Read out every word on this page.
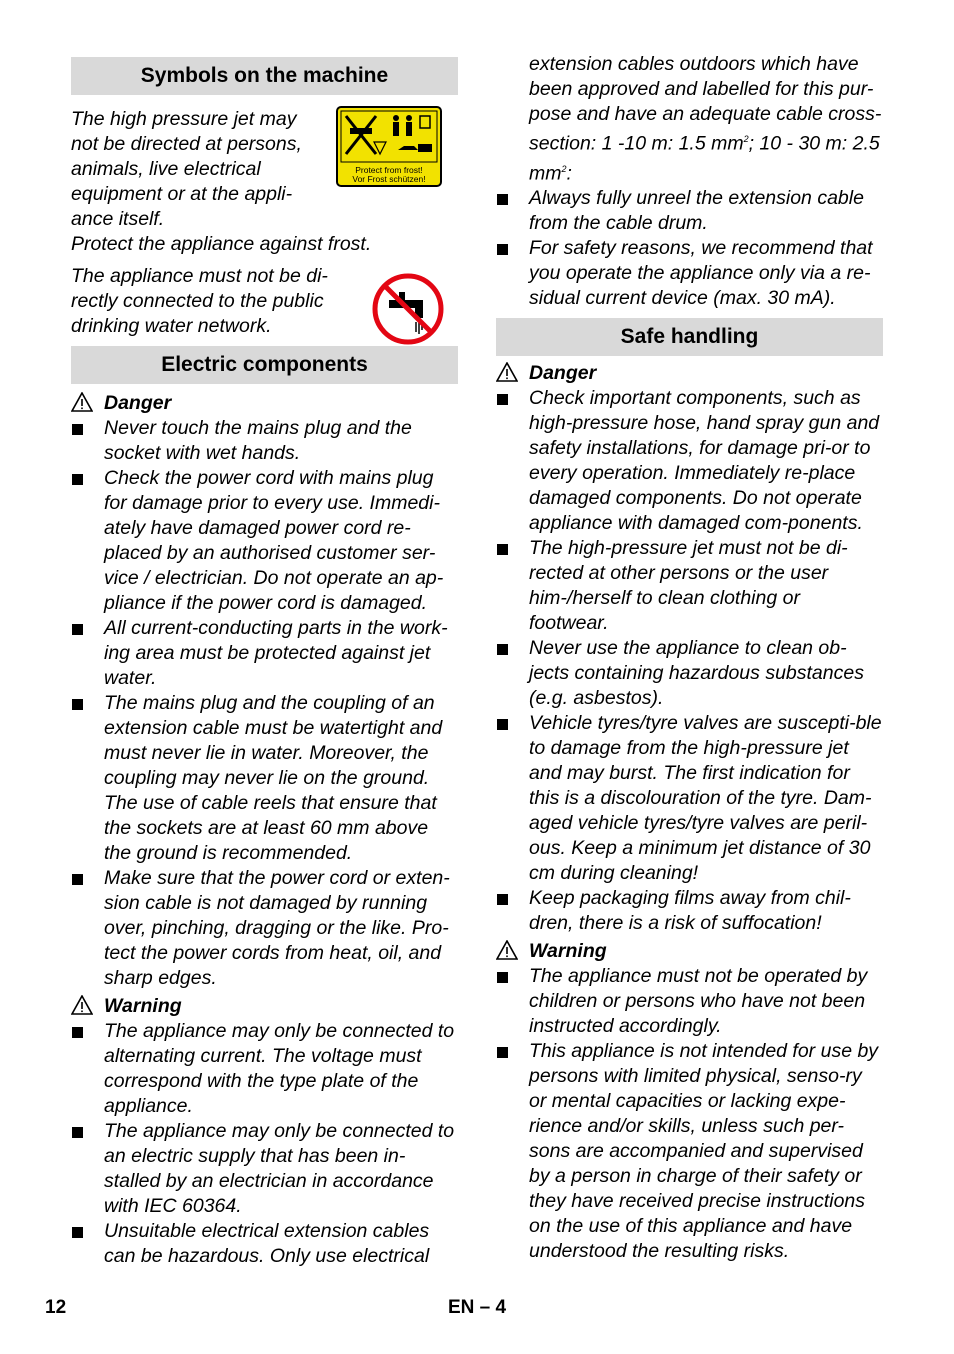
Symbols on the machine

The high pressure jet may not be directed at persons, animals, live electrical equipment or at the appli-ance itself.

Protect from frost!
Vor Frost schützen!

Protect the appliance against frost.

The appliance must not be di-rectly connected to the public drinking water network.

Electric components
Danger
Never touch the mains plug and the socket with wet hands.
Check the power cord with mains plug for damage prior to every use. Immedi-ately have damaged power cord re-placed by an authorised customer ser-vice / electrician. Do not operate an ap-pliance if the power cord is damaged.
All current-conducting parts in the work-ing area must be protected against jet water.
The mains plug and the coupling of an extension cable must be watertight and must never lie in water. Moreover, the coupling may never lie on the ground. The use of cable reels that ensure that the sockets are at least 60 mm above the ground is recommended.
Make sure that the power cord or exten-sion cable is not damaged by running over, pinching, dragging or the like. Pro-tect the power cords from heat, oil, and sharp edges.
Warning
The appliance may only be connected to alternating current. The voltage must correspond with the type plate of the appliance.
The appliance may only be connected to an electric supply that has been in-stalled by an electrician in accordance with IEC 60364.
Unsuitable electrical extension cables can be hazardous. Only use electrical

extension cables outdoors which have been approved and labelled for this pur-pose and have an adequate cable cross-section: 1 -10 m: 1.5 $mm^2$; 10 - 30 m: 2.5 $mm^2$:

Always fully unreel the extension cable from the cable drum.
For safety reasons, we recommend that you operate the appliance only via a re-sidual current device (max. 30 mA).
Safe handling
Danger
Check important components, such as high-pressure hose, hand spray gun and safety installations, for damage pri-or to every operation. Immediately re-place damaged components. Do not operate appliance with damaged com-ponents.
The high-pressure jet must not be di-rected at other persons or the user him-/herself to clean clothing or footwear.
Never use the appliance to clean ob-jects containing hazardous substances (e.g. asbestos).
Vehicle tyres/tyre valves are suscepti-ble to damage from the high-pressure jet and may burst. The first indication for this is a discolouration of the tyre. Dam-aged vehicle tyres/tyre valves are peril-ous. Keep a minimum jet distance of 30 cm during cleaning!
Keep packaging films away from chil-dren, there is a risk of suffocation!
Warning
The appliance must not be operated by children or persons who have not been instructed accordingly.
This appliance is not intended for use by persons with limited physical, senso-ry or mental capacities or lacking expe-rience and/or skills, unless such per-sons are accompanied and supervised by a person in charge of their safety or they have received precise instructions on the use of this appliance and have understood the resulting risks.
12	EN – 4
